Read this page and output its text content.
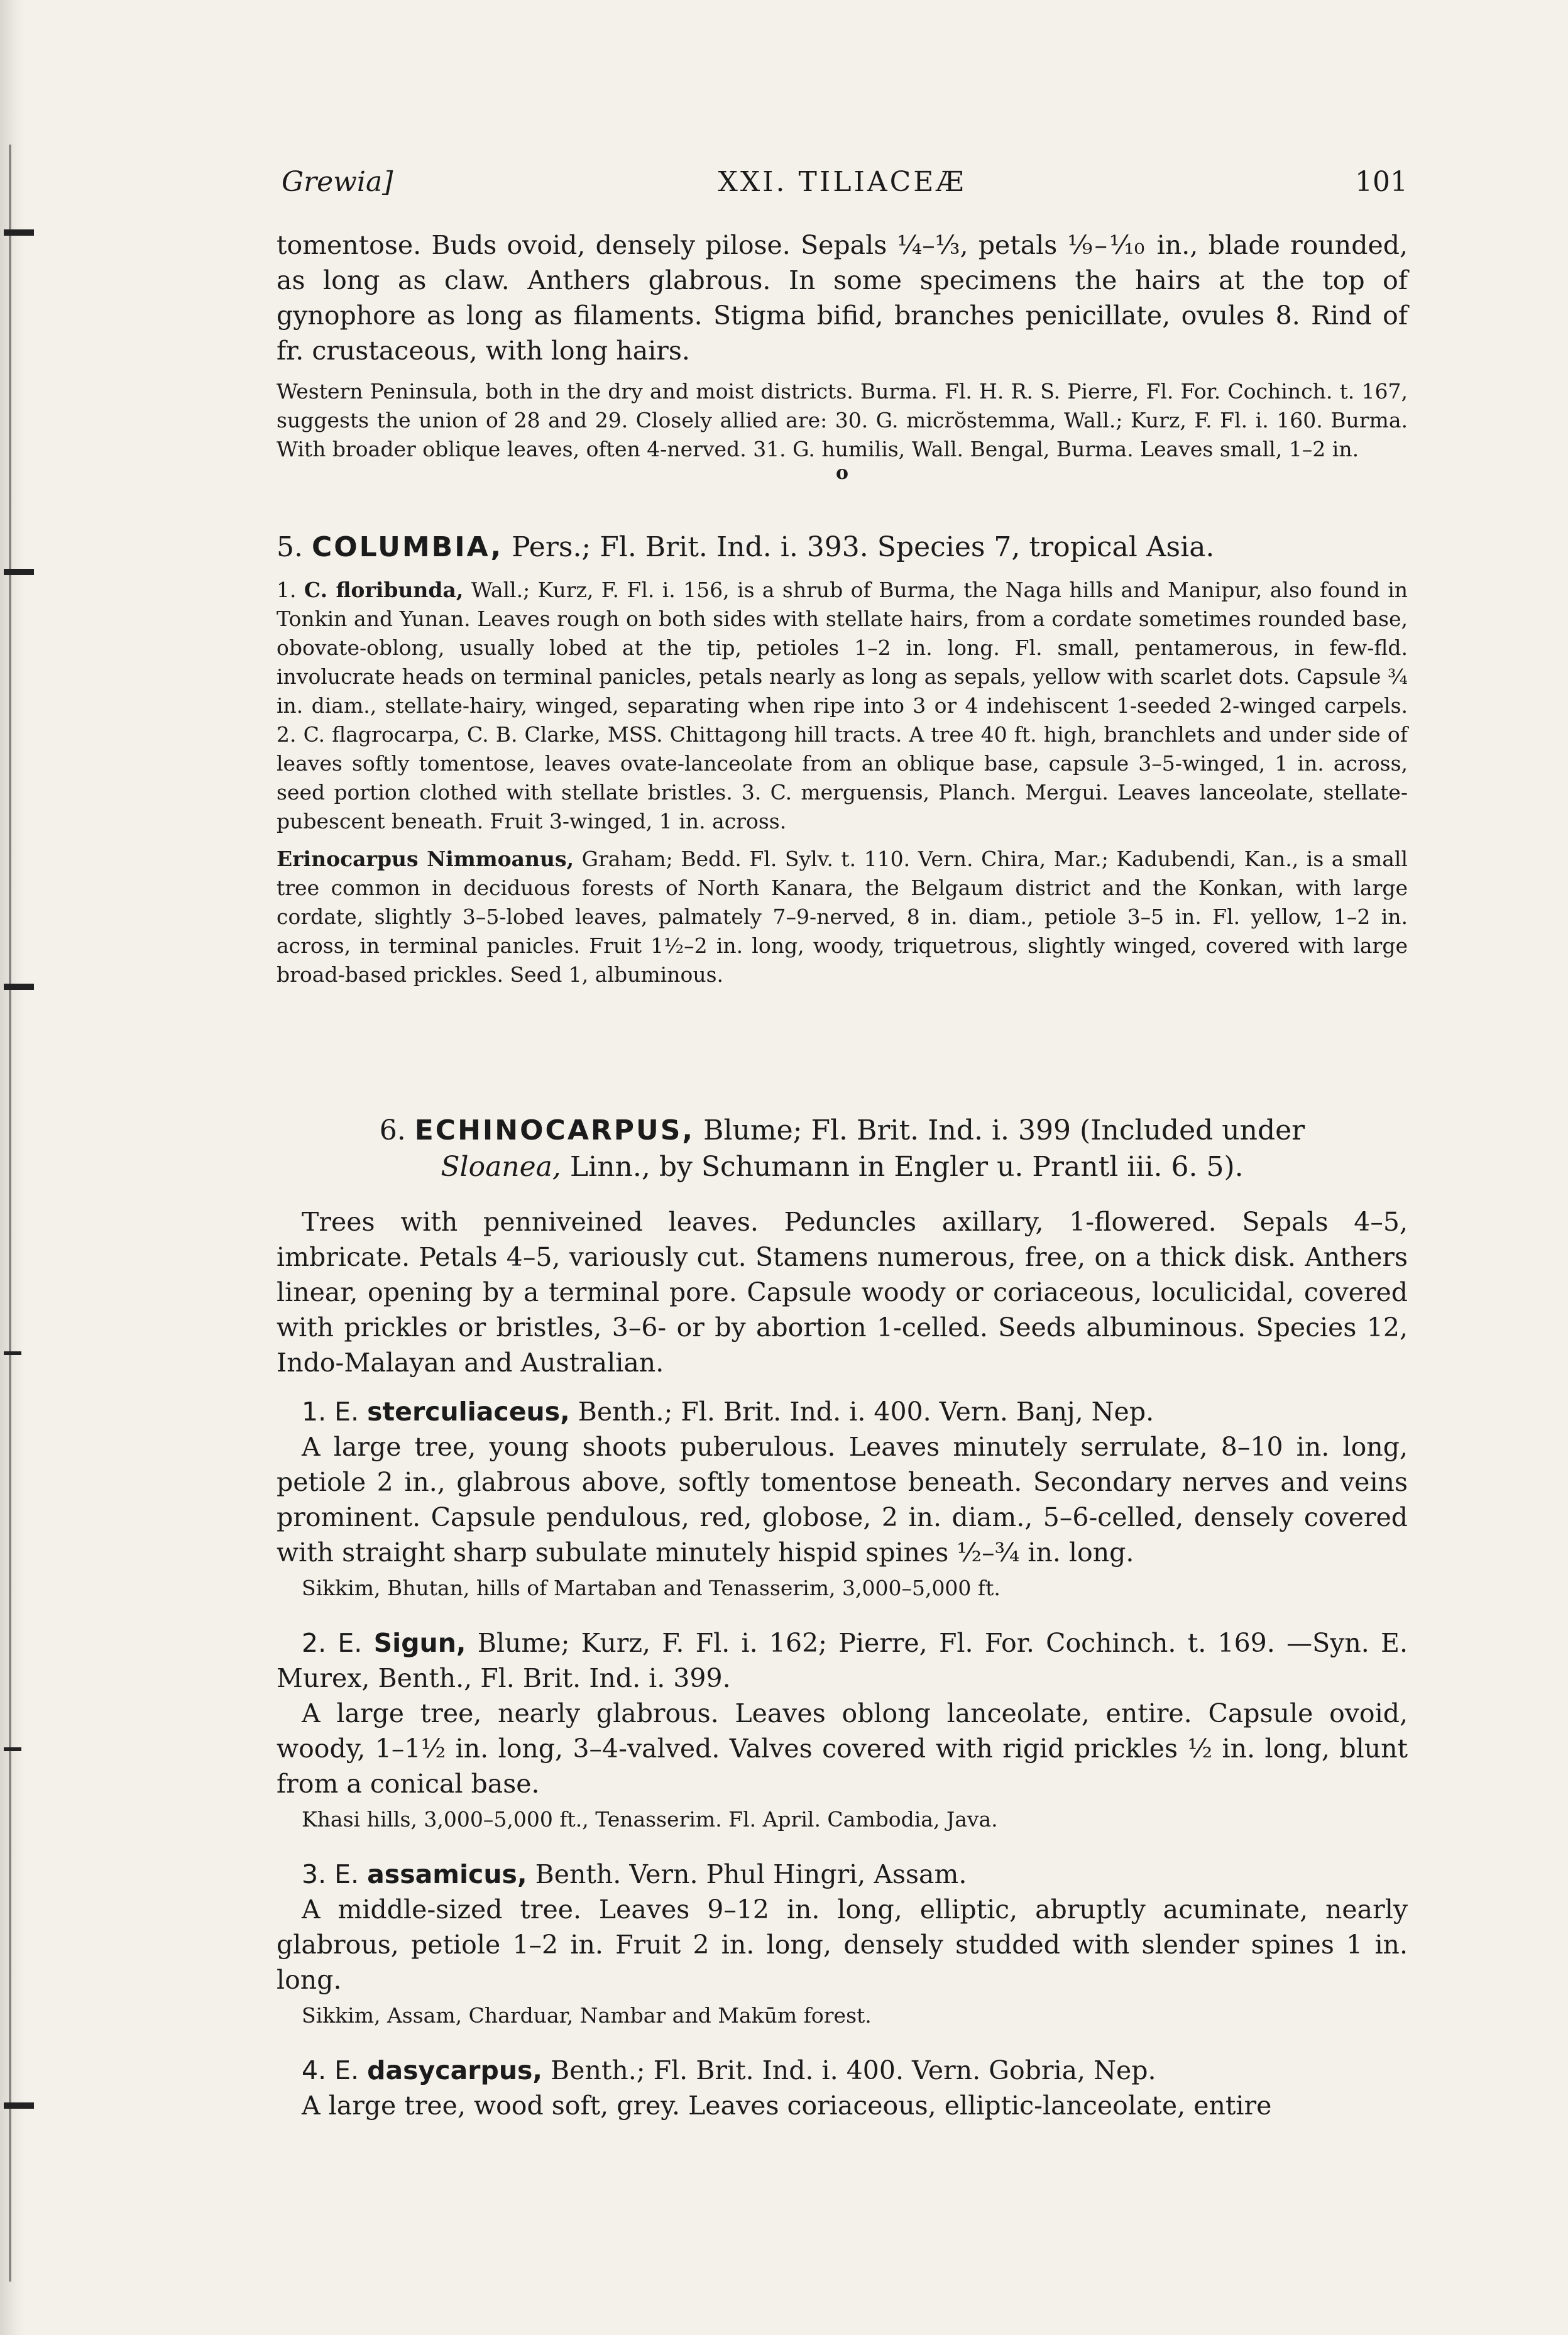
Grewia]	XXI. TILIACEÆ	101

tomentose. Buds ovoid, densely pilose. Sepals ¼–⅓, petals ⅑–⅒ in., blade rounded, as long as claw. Anthers glabrous. In some specimens the hairs at the top of gynophore as long as filaments. Stigma bifid, branches penicillate, ovules 8. Rind of fr. crustaceous, with long hairs.

Western Peninsula, both in the dry and moist districts. Burma. Fl. H. R. S. Pierre, Fl. For. Cochinch. t. 167, suggests the union of 28 and 29. Closely allied are: 30. G. micrŏstemma, Wall.; Kurz, F. Fl. i. 160. Burma. With broader oblique leaves, often 4-nerved. 31. G. humilis, Wall. Bengal, Burma. Leaves small, 1–2 in.

o

5. COLUMBIA, Pers.; Fl. Brit. Ind. i. 393. Species 7, tropical Asia.

1. C. floribunda, Wall.; Kurz, F. Fl. i. 156, is a shrub of Burma, the Naga hills and Manipur, also found in Tonkin and Yunan. Leaves rough on both sides with stellate hairs, from a cordate sometimes rounded base, obovate-oblong, usually lobed at the tip, petioles 1–2 in. long. Fl. small, pentamerous, in few-fld. involucrate heads on terminal panicles, petals nearly as long as sepals, yellow with scarlet dots. Capsule ¾ in. diam., stellate-hairy, winged, separating when ripe into 3 or 4 indehiscent 1-seeded 2-winged carpels. 2. C. flagrocarpa, C. B. Clarke, MSS. Chittagong hill tracts. A tree 40 ft. high, branchlets and under side of leaves softly tomentose, leaves ovate-lanceolate from an oblique base, capsule 3–5-winged, 1 in. across, seed portion clothed with stellate bristles. 3. C. merguensis, Planch. Mergui. Leaves lanceolate, stellate-pubescent beneath. Fruit 3-winged, 1 in. across.

Erinocarpus Nimmoanus, Graham; Bedd. Fl. Sylv. t. 110. Vern. Chira, Mar.; Kadubendi, Kan., is a small tree common in deciduous forests of North Kanara, the Belgaum district and the Konkan, with large cordate, slightly 3–5-lobed leaves, palmately 7–9-nerved, 8 in. diam., petiole 3–5 in. Fl. yellow, 1–2 in. across, in terminal panicles. Fruit 1½–2 in. long, woody, triquetrous, slightly winged, covered with large broad-based prickles. Seed 1, albuminous.

6. ECHINOCARPUS, Blume; Fl. Brit. Ind. i. 399 (Included under

Sloanea, Linn., by Schumann in Engler u. Prantl iii. 6. 5).

Trees with penniveined leaves. Peduncles axillary, 1-flowered. Sepals 4–5, imbricate. Petals 4–5, variously cut. Stamens numerous, free, on a thick disk. Anthers linear, opening by a terminal pore. Capsule woody or coriaceous, loculicidal, covered with prickles or bristles, 3–6- or by abortion 1-celled. Seeds albuminous. Species 12, Indo-Malayan and Australian.

1. E. sterculiaceus, Benth.; Fl. Brit. Ind. i. 400. Vern. Banj, Nep.

A large tree, young shoots puberulous. Leaves minutely serrulate, 8–10 in. long, petiole 2 in., glabrous above, softly tomentose beneath. Secondary nerves and veins prominent. Capsule pendulous, red, globose, 2 in. diam., 5–6-celled, densely covered with straight sharp subulate minutely hispid spines ½–¾ in. long.

Sikkim, Bhutan, hills of Martaban and Tenasserim, 3,000–5,000 ft.

2. E. Sigun, Blume; Kurz, F. Fl. i. 162; Pierre, Fl. For. Cochinch. t. 169. —Syn. E. Murex, Benth., Fl. Brit. Ind. i. 399.

A large tree, nearly glabrous. Leaves oblong lanceolate, entire. Capsule ovoid, woody, 1–1½ in. long, 3–4-valved. Valves covered with rigid prickles ½ in. long, blunt from a conical base.

Khasi hills, 3,000–5,000 ft., Tenasserim. Fl. April. Cambodia, Java.

3. E. assamicus, Benth. Vern. Phul Hingri, Assam.

A middle-sized tree. Leaves 9–12 in. long, elliptic, abruptly acuminate, nearly glabrous, petiole 1–2 in. Fruit 2 in. long, densely studded with slender spines 1 in. long.

Sikkim, Assam, Charduar, Nambar and Makūm forest.

4. E. dasycarpus, Benth.; Fl. Brit. Ind. i. 400. Vern. Gobria, Nep.

A large tree, wood soft, grey. Leaves coriaceous, elliptic-lanceolate, entire
